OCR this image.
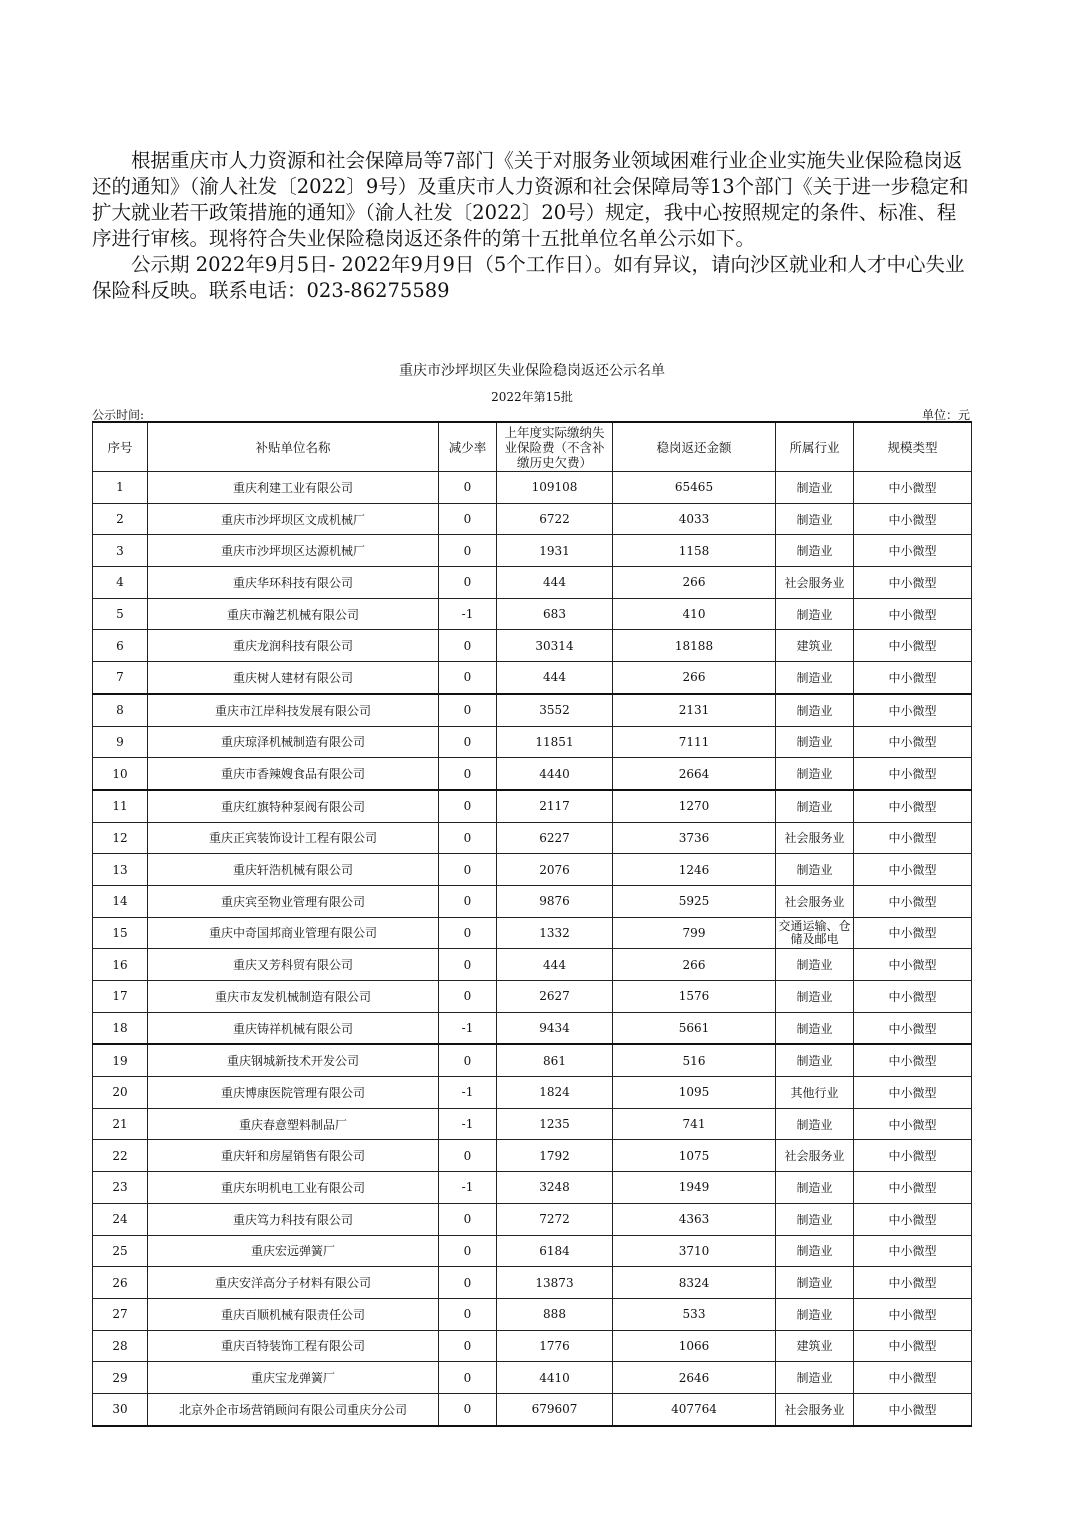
根据重庆市人力资源和社会保障局等7部门《关于对服务业领域困难行业企业实施失业保险稳岗返还的通知》（渝人社发〔2022〕9号）及重庆市人力资源和社会保障局等13个部门《关于进一步稳定和扩大就业若干政策措施的通知》（渝人社发〔2022〕20号）规定，我中心按照规定的条件、标准、程序进行审核。现将符合失业保险稳岗返还条件的第十五批单位名单公示如下。

公示期 2022年9月5日- 2022年9月9日（5个工作日）。如有异议，请向沙区就业和人才中心失业保险科反映。联系电话：023-86275589

重庆市沙坪坝区失业保险稳岗返还公示名单
2022年第15批
公示时间:	单位：元
序号	补贴单位名称	减少率	上年度实际缴纳失业保险费（不含补缴历史欠费）	稳岗返还金额	所属行业	规模类型
1	重庆利建工业有限公司	0	109108	65465	制造业	中小微型
2	重庆市沙坪坝区文成机械厂	0	6722	4033	制造业	中小微型
3	重庆市沙坪坝区达源机械厂	0	1931	1158	制造业	中小微型
4	重庆华环科技有限公司	0	444	266	社会服务业	中小微型
5	重庆市瀚艺机械有限公司	-1	683	410	制造业	中小微型
6	重庆龙润科技有限公司	0	30314	18188	建筑业	中小微型
7	重庆树人建材有限公司	0	444	266	制造业	中小微型
8	重庆市江岸科技发展有限公司	0	3552	2131	制造业	中小微型
9	重庆琼泽机械制造有限公司	0	11851	7111	制造业	中小微型
10	重庆市香辣嫂食品有限公司	0	4440	2664	制造业	中小微型
11	重庆红旗特种泵阀有限公司	0	2117	1270	制造业	中小微型
12	重庆正宾装饰设计工程有限公司	0	6227	3736	社会服务业	中小微型
13	重庆轩浩机械有限公司	0	2076	1246	制造业	中小微型
14	重庆宾至物业管理有限公司	0	9876	5925	社会服务业	中小微型
15	重庆中奇国邦商业管理有限公司	0	1332	799	交通运输、仓储及邮电	中小微型
16	重庆又芳科贸有限公司	0	444	266	制造业	中小微型
17	重庆市友发机械制造有限公司	0	2627	1576	制造业	中小微型
18	重庆铸祥机械有限公司	-1	9434	5661	制造业	中小微型
19	重庆钢城新技术开发公司	0	861	516	制造业	中小微型
20	重庆博康医院管理有限公司	-1	1824	1095	其他行业	中小微型
21	重庆春意塑料制品厂	-1	1235	741	制造业	中小微型
22	重庆轩和房屋销售有限公司	0	1792	1075	社会服务业	中小微型
23	重庆东明机电工业有限公司	-1	3248	1949	制造业	中小微型
24	重庆笃力科技有限公司	0	7272	4363	制造业	中小微型
25	重庆宏远弹簧厂	0	6184	3710	制造业	中小微型
26	重庆安洋高分子材料有限公司	0	13873	8324	制造业	中小微型
27	重庆百顺机械有限责任公司	0	888	533	制造业	中小微型
28	重庆百特装饰工程有限公司	0	1776	1066	建筑业	中小微型
29	重庆宝龙弹簧厂	0	4410	2646	制造业	中小微型
30	北京外企市场营销顾问有限公司重庆分公司	0	679607	407764	社会服务业	中小微型
